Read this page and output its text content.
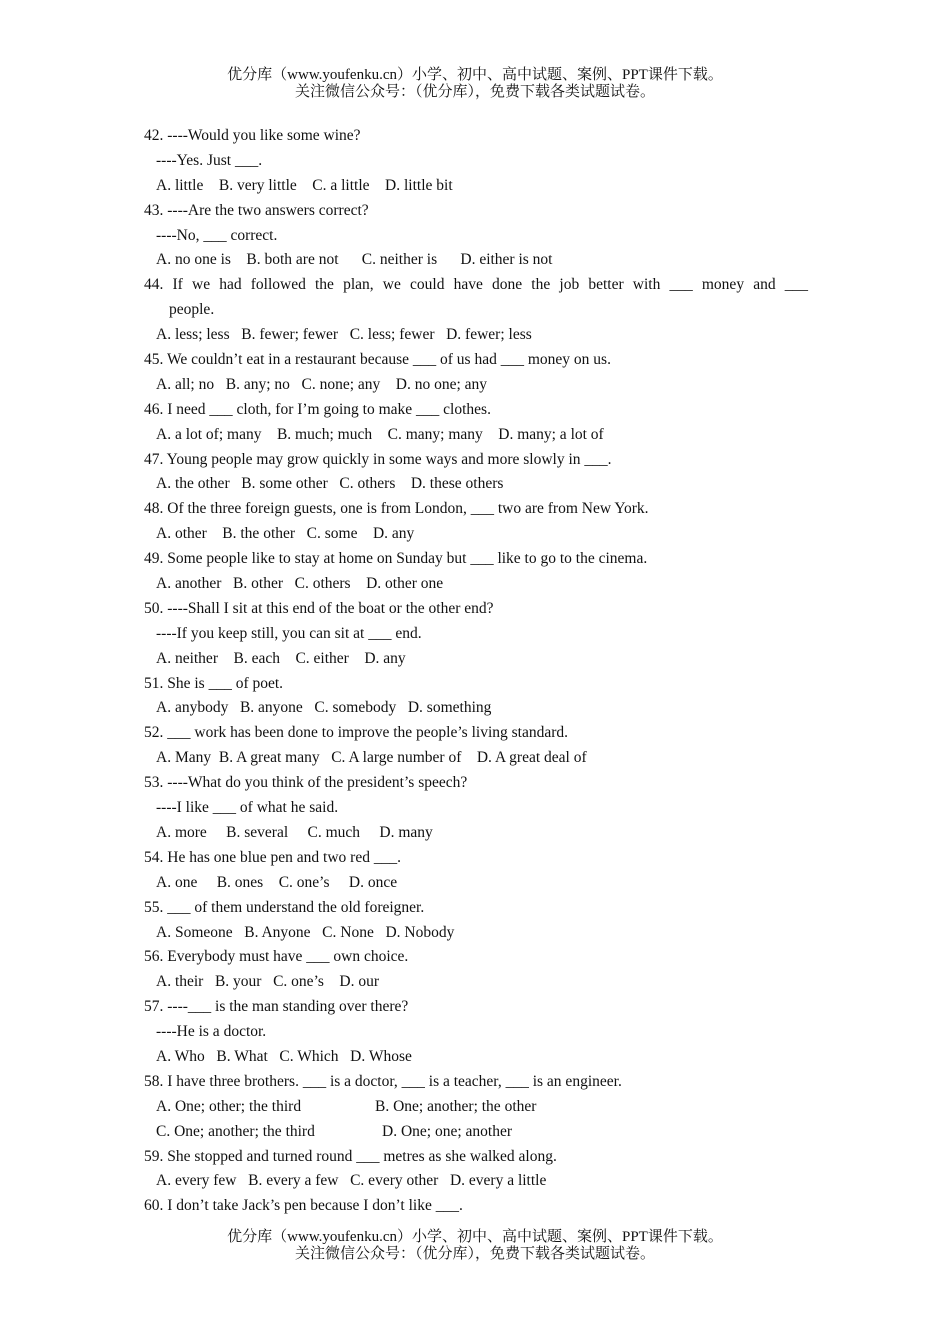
优分库（www.youfenku.cn）小学、初中、高中试题、案例、PPT课件下载。
关注微信公众号：（优分库），免费下载各类试题试卷。
42. ----Would you like some wine?
----Yes. Just ___.
A. little    B. very little    C. a little    D. little bit
43. ----Are the two answers correct?
----No, ___ correct.
A. no one is    B. both are not      C. neither is      D. either is not
44. If we had followed the plan, we could have done the job better with ___ money and ___
people.
A. less; less   B. fewer; fewer   C. less; fewer   D. fewer; less
45. We couldn’t eat in a restaurant because ___ of us had ___ money on us.
A. all; no   B. any; no   C. none; any    D. no one; any
46. I need ___ cloth, for I’m going to make ___ clothes.
A. a lot of; many    B. much; much    C. many; many    D. many; a lot of
47. Young people may grow quickly in some ways and more slowly in ___.
A. the other   B. some other   C. others    D. these others
48. Of the three foreign guests, one is from London, ___ two are from New York.
A. other    B. the other   C. some    D. any
49. Some people like to stay at home on Sunday but ___ like to go to the cinema.
A. another   B. other   C. others    D. other one
50. ----Shall I sit at this end of the boat or the other end?
----If you keep still, you can sit at ___ end.
A. neither    B. each    C. either    D. any
51. She is ___ of poet.
A. anybody   B. anyone   C. somebody   D. something
52. ___ work has been done to improve the people’s living standard.
A. Many  B. A great many   C. A large number of    D. A great deal of
53. ----What do you think of the president’s speech?
----I like ___ of what he said.
A. more     B. several     C. much     D. many
54. He has one blue pen and two red ___.
A. one     B. ones    C. one’s     D. once
55. ___ of them understand the old foreigner.
A. Someone   B. Anyone   C. None   D. Nobody
56. Everybody must have ___ own choice.
A. their   B. your   C. one’s    D. our
57. ----___ is the man standing over there?
----He is a doctor.
A. Who   B. What   C. Which   D. Whose
58. I have three brothers. ___ is a doctor, ___ is a teacher, ___ is an engineer.
A. One; other; the third	B. One; another; the other
C. One; another; the third	D. One; one; another
59. She stopped and turned round ___ metres as she walked along.
A. every few   B. every a few   C. every other   D. every a little
60. I don’t take Jack’s pen because I don’t like ___.
优分库（www.youfenku.cn）小学、初中、高中试题、案例、PPT课件下载。
关注微信公众号：（优分库），免费下载各类试题试卷。
